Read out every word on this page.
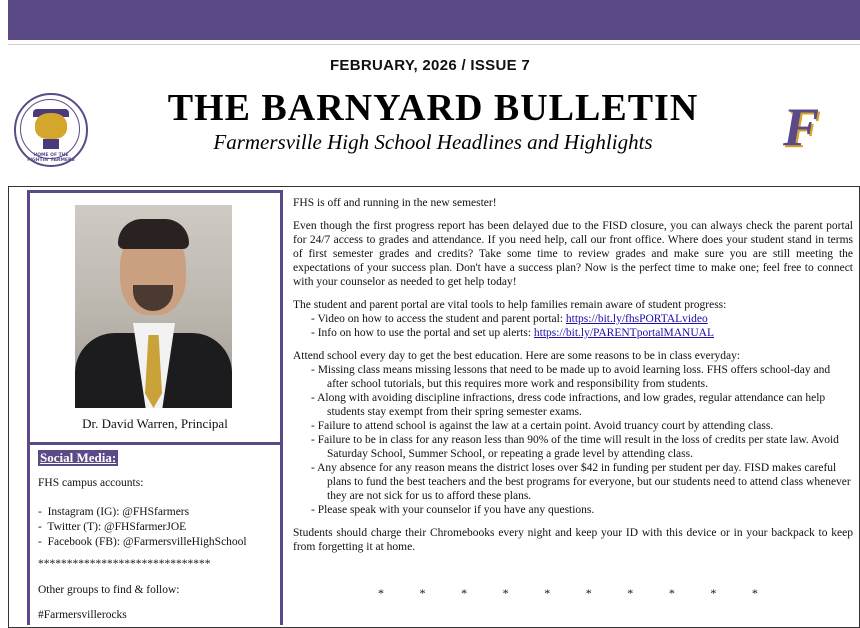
FEBRUARY, 2026 / ISSUE 7
HOME OF THE FIGHTIN' FARMERS
THE BARNYARD BULLETIN
Farmersville High School Headlines and Highlights	F
Dr. David Warren, Principal
Social Media:
FHS campus accounts:
-  Instagram (IG): @FHSfarmers
-  Twitter (T): @FHSfarmerJOE
-  Facebook (FB): @FarmersvilleHighSchool
******************************
Other groups to find & follow:
#Farmersvillerocks

FHS is off and running in the new semester!

Even though the first progress report has been delayed due to the FISD closure, you can always check the parent portal for 24/7 access to grades and attendance. If you need help, call our front office. Where does your student stand in terms of first semester grades and credits? Take some time to review grades and make sure you are still meeting the expectations of your success plan. Don't have a success plan? Now is the perfect time to make one; feel free to connect with your counselor as needed to get help today!

The student and parent portal are vital tools to help families remain aware of student progress:

- Video on how to access the student and parent portal: https://bit.ly/fhsPORTALvideo

- Info on how to use the portal and set up alerts: https://bit.ly/PARENTportalMANUAL

Attend school every day to get the best education. Here are some reasons to be in class everyday:

- Missing class means missing lessons that need to be made up to avoid learning loss. FHS offers school-day and after school tutorials, but this requires more work and responsibility from students.

- Along with avoiding discipline infractions, dress code infractions, and low grades, regular attendance can help students stay exempt from their spring semester exams.

- Failure to attend school is against the law at a certain point. Avoid truancy court by attending class.

- Failure to be in class for any reason less than 90% of the time will result in the loss of credits per state law. Avoid Saturday School, Summer School, or repeating a grade level by attending class.

- Any absence for any reason means the district loses over $42 in funding per student per day. FISD makes careful plans to fund the best teachers and the best programs for everyone, but our students need to attend class whenever they are not sick for us to afford these plans.

- Please speak with your counselor if you have any questions.

Students should charge their Chromebooks every night and keep your ID with this device or in your backpack to keep from forgetting it at home.

*	*	*	*	*	*	*	*	*	*
